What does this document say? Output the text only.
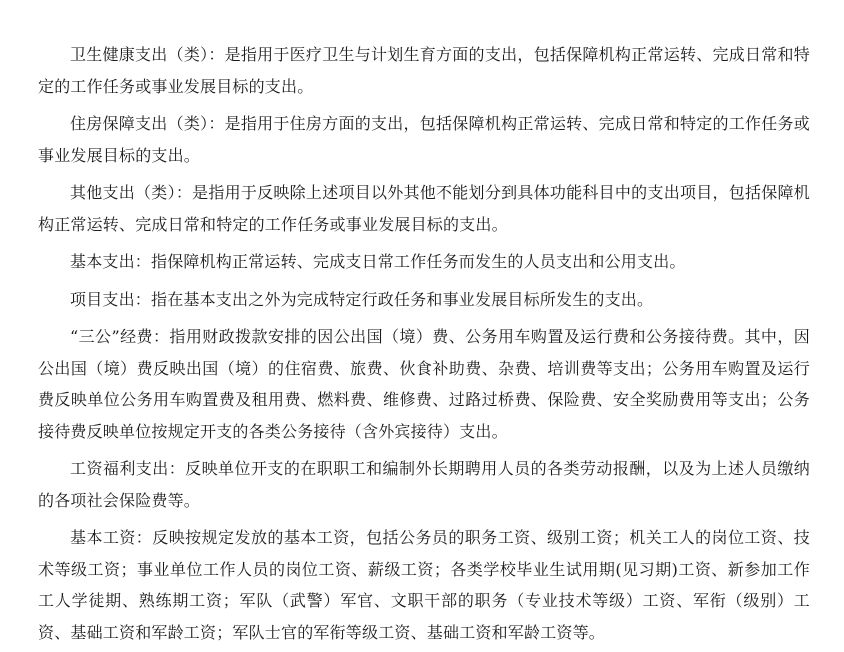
卫生健康支出（类）：是指用于医疗卫生与计划生育方面的支出，包括保障机构正常运转、完成日常和特定的工作任务或事业发展目标的支出。

住房保障支出（类）：是指用于住房方面的支出，包括保障机构正常运转、完成日常和特定的工作任务或事业发展目标的支出。

其他支出（类）：是指用于反映除上述项目以外其他不能划分到具体功能科目中的支出项目，包括保障机构正常运转、完成日常和特定的工作任务或事业发展目标的支出。

基本支出：指保障机构正常运转、完成支日常工作任务而发生的人员支出和公用支出。

项目支出：指在基本支出之外为完成特定行政任务和事业发展目标所发生的支出。

“三公”经费：指用财政拨款安排的因公出国（境）费、公务用车购置及运行费和公务接待费。其中，因公出国（境）费反映出国（境）的住宿费、旅费、伙食补助费、杂费、培训费等支出；公务用车购置及运行费反映单位公务用车购置费及租用费、燃料费、维修费、过路过桥费、保险费、安全奖励费用等支出；公务接待费反映单位按规定开支的各类公务接待（含外宾接待）支出。

工资福利支出：反映单位开支的在职职工和编制外长期聘用人员的各类劳动报酬，以及为上述人员缴纳的各项社会保险费等。

基本工资：反映按规定发放的基本工资，包括公务员的职务工资、级别工资；机关工人的岗位工资、技术等级工资；事业单位工作人员的岗位工资、薪级工资；各类学校毕业生试用期(见习期)工资、新参加工作工人学徒期、熟练期工资；军队（武警）军官、文职干部的职务（专业技术等级）工资、军衔（级别）工资、基础工资和军龄工资；军队士官的军衔等级工资、基础工资和军龄工资等。
